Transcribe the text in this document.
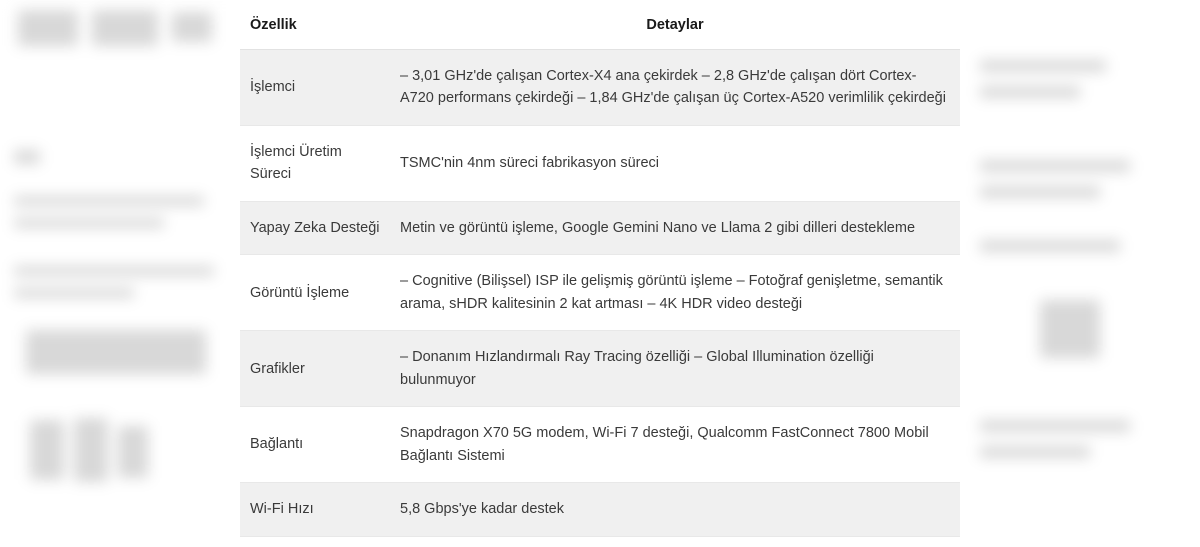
Özellik	Detaylar
İşlemci	– 3,01 GHz'de çalışan Cortex-X4 ana çekirdek – 2,8 GHz'de çalışan dört Cortex-A720 performans çekirdeği – 1,84 GHz'de çalışan üç Cortex-A520 verimlilik çekirdeği
İşlemci Üretim Süreci	TSMC'nin 4nm süreci fabrikasyon süreci
Yapay Zeka Desteği	Metin ve görüntü işleme, Google Gemini Nano ve Llama 2 gibi dilleri destekleme
Görüntü İşleme	– Cognitive (Bilişsel) ISP ile gelişmiş görüntü işleme – Fotoğraf genişletme, semantik arama, sHDR kalitesinin 2 kat artması – 4K HDR video desteği
Grafikler	– Donanım Hızlandırmalı Ray Tracing özelliği – Global Illumination özelliği bulunmuyor
Bağlantı	Snapdragon X70 5G modem, Wi-Fi 7 desteği, Qualcomm FastConnect 7800 Mobil Bağlantı Sistemi
Wi-Fi Hızı	5,8 Gbps'ye kadar destek
